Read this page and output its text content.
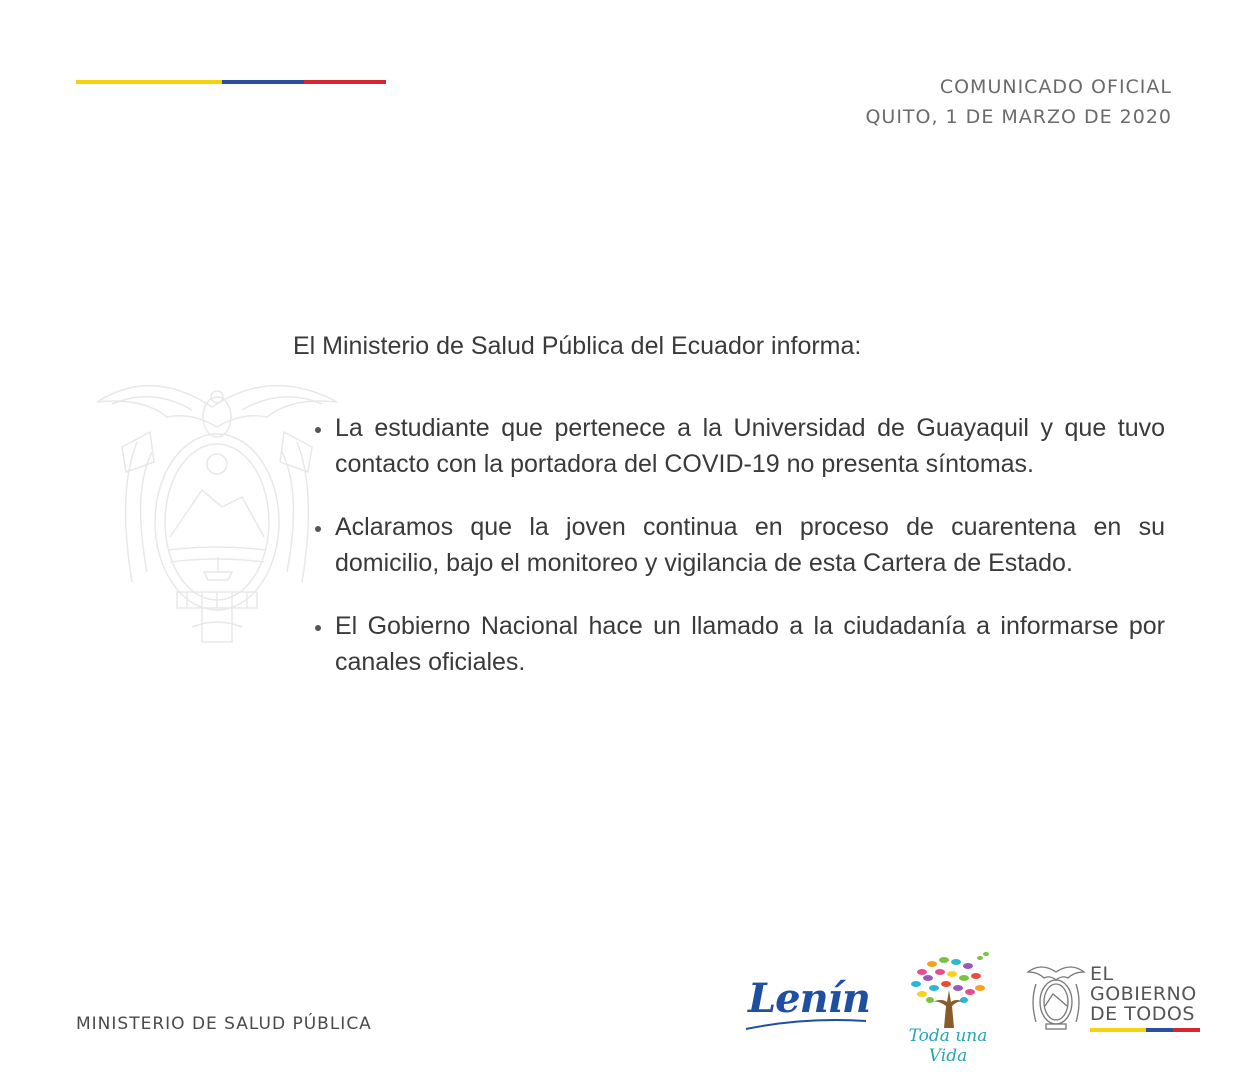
COMUNICADO OFICIAL
QUITO, 1 DE MARZO DE 2020
El Ministerio de Salud Pública del Ecuador informa:
La estudiante que pertenece a la Universidad de Guayaquil y que tuvo contacto con la portadora del COVID-19 no presenta síntomas.
Aclaramos que la joven continua en proceso de cuarentena en su domicilio, bajo el monitoreo y vigilancia de esta Cartera de Estado.
El Gobierno Nacional hace un llamado a la ciudadanía a informarse por canales oficiales.
MINISTERIO DE SALUD PÚBLICA
Lenín
Toda una Vida
EL
GOBIERNO
DE TODOS
